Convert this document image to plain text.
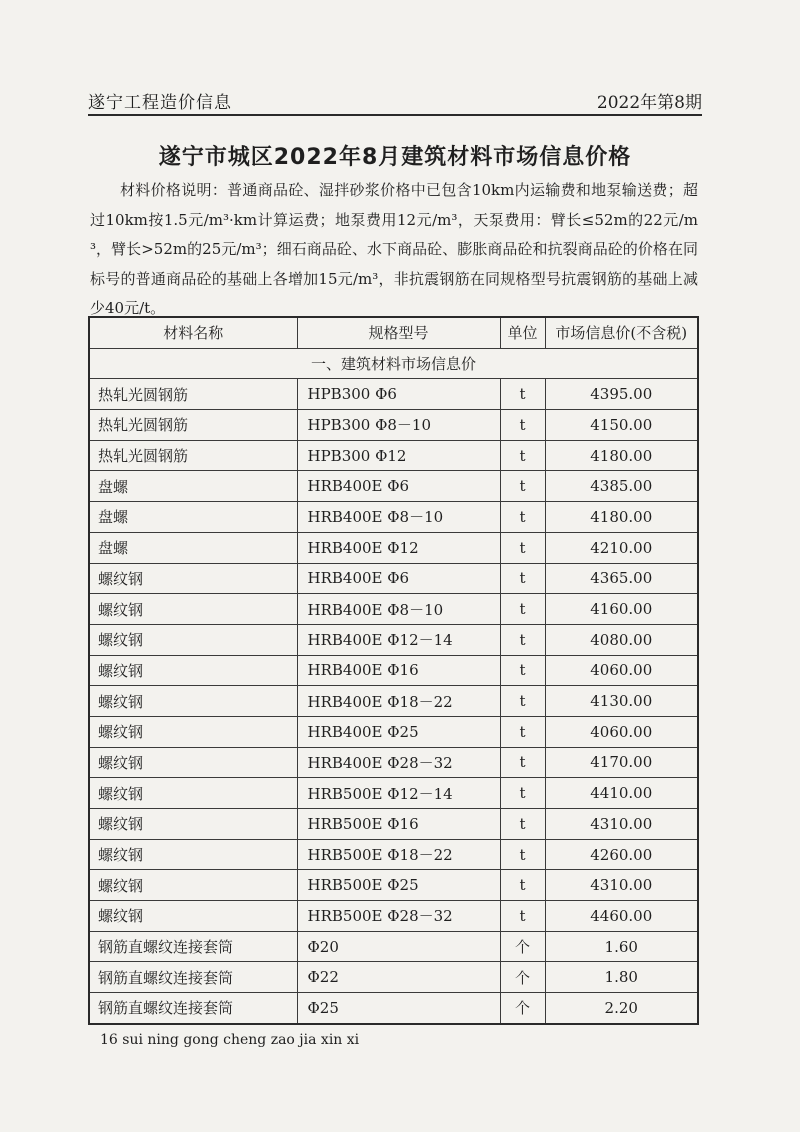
遂宁工程造价信息	2022年第8期
遂宁市城区2022年8月建筑材料市场信息价格
材料价格说明：普通商品砼、湿拌砂浆价格中已包含10km内运输费和地泵输送费；超过10km按1.5元/m³·km计算运费；地泵费用12元/m³，天泵费用：臂长≤52m的22元/m³，臂长>52m的25元/m³；细石商品砼、水下商品砼、膨胀商品砼和抗裂商品砼的价格在同标号的普通商品砼的基础上各增加15元/m³，非抗震钢筋在同规格型号抗震钢筋的基础上减少40元/t。
材料名称	规格型号	单位	市场信息价(不含税)
一、建筑材料市场信息价			
热轧光圆钢筋	HPB300 Φ6	t	4395.00
热轧光圆钢筋	HPB300 Φ8－10	t	4150.00
热轧光圆钢筋	HPB300 Φ12	t	4180.00
盘螺	HRB400E Φ6	t	4385.00
盘螺	HRB400E Φ8－10	t	4180.00
盘螺	HRB400E Φ12	t	4210.00
螺纹钢	HRB400E Φ6	t	4365.00
螺纹钢	HRB400E Φ8－10	t	4160.00
螺纹钢	HRB400E Φ12－14	t	4080.00
螺纹钢	HRB400E Φ16	t	4060.00
螺纹钢	HRB400E Φ18－22	t	4130.00
螺纹钢	HRB400E Φ25	t	4060.00
螺纹钢	HRB400E Φ28－32	t	4170.00
螺纹钢	HRB500E Φ12－14	t	4410.00
螺纹钢	HRB500E Φ16	t	4310.00
螺纹钢	HRB500E Φ18－22	t	4260.00
螺纹钢	HRB500E Φ25	t	4310.00
螺纹钢	HRB500E Φ28－32	t	4460.00
钢筋直螺纹连接套筒	Φ20	个	1.60
钢筋直螺纹连接套筒	Φ22	个	1.80
钢筋直螺纹连接套筒	Φ25	个	2.20
16 sui ning gong cheng zao jia xin xi
